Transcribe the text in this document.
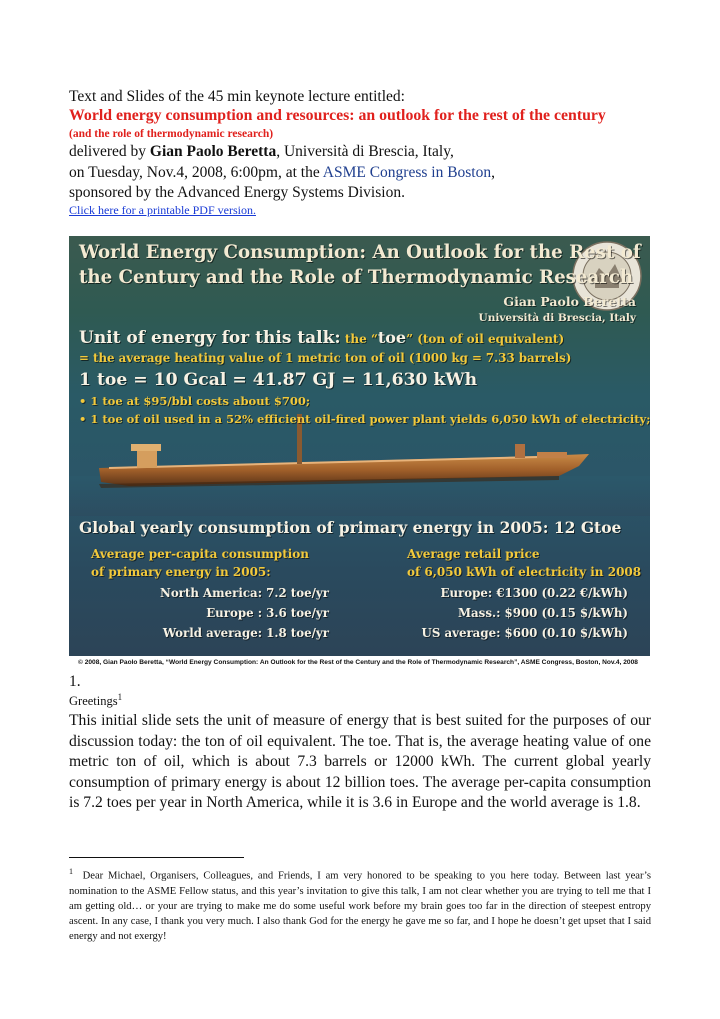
Text and Slides of the 45 min keynote lecture entitled:
World energy consumption and resources: an outlook for the rest of the century
(and the role of thermodynamic research)
delivered by Gian Paolo Beretta, Università di Brescia, Italy,
on Tuesday, Nov.4, 2008, 6:00pm, at the ASME Congress in Boston,
sponsored by the Advanced Energy Systems Division.
Click here for a printable PDF version.
World Energy Consumption: An Outlook for the Rest of
the Century and the Role of Thermodynamic Research
Gian Paolo Beretta
Università di Brescia, Italy
Unit of energy for this talk: the “toe” (ton of oil equivalent)
= the average heating value of 1 metric ton of oil (1000 kg = 7.33 barrels)
1 toe = 10 Gcal = 41.87 GJ = 11,630 kWh
• 1 toe at $95/bbl costs about $700;
• 1 toe of oil used in a 52% efficient oil-fired power plant yields 6,050 kWh of electricity;
Global yearly consumption of primary energy in 2005: 12 Gtoe
Average per-capita consumption
of primary energy in 2005:
Average retail price
of 6,050 kWh of electricity in 2008
North America: 7.2 toe/yr
Europe : 3.6 toe/yr
World average: 1.8 toe/yr
Europe: €1300 (0.22 €/kWh)
Mass.: $900 (0.15 $/kWh)
US average: $600 (0.10 $/kWh)
© 2008, Gian Paolo Beretta, “World Energy Consumption: An Outlook for the Rest of the Century and the Role of Thermodynamic Research”, ASME Congress, Boston, Nov.4, 2008
1.
Greetings$^1$
This initial slide sets the unit of measure of energy that is best suited for the purposes of our discussion today: the ton of oil equivalent. The toe. That is, the average heating value of one metric ton of oil, which is about 7.3 barrels or 12000 kWh. The current global yearly consumption of primary energy is about 12 billion toes. The average per-capita consumption is 7.2 toes per year in North America, while it is 3.6 in Europe and the world average is 1.8.
$^1$ Dear Michael, Organisers, Colleagues, and Friends, I am very honored to be speaking to you here today. Between last year’s nomination to the ASME Fellow status, and this year’s invitation to give this talk, I am not clear whether you are trying to tell me that I am getting old… or your are trying to make me do some useful work before my brain goes too far in the direction of steepest entropy ascent. In any case, I thank you very much. I also thank God for the energy he gave me so far, and I hope he doesn’t get upset that I said energy and not exergy!
